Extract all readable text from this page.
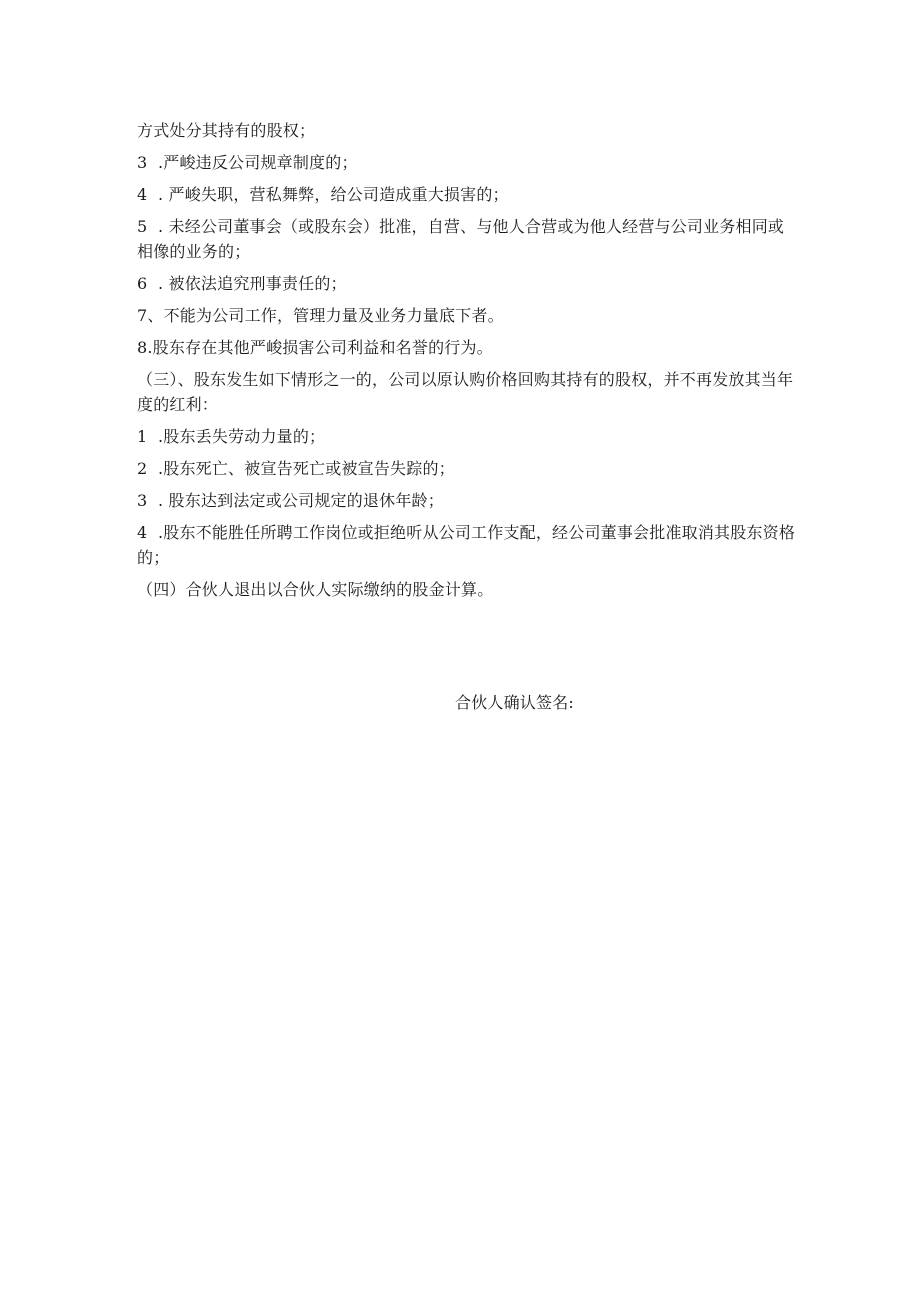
方式处分其持有的股权；

3  .严峻违反公司规章制度的；

4  . 严峻失职，营私舞弊，给公司造成重大损害的；

5  . 未经公司董事会（或股东会）批准，自营、与他人合营或为他人经营与公司业务相同或相像的业务的；

6  . 被依法追究刑事责任的；

7、不能为公司工作，管理力量及业务力量底下者。

8.股东存在其他严峻损害公司利益和名誉的行为。

（三）、股东发生如下情形之一的，公司以原认购价格回购其持有的股权，并不再发放其当年度的红利：

1  .股东丢失劳动力量的；

2  .股东死亡、被宣告死亡或被宣告失踪的；

3  . 股东达到法定或公司规定的退休年龄；

4  .股东不能胜任所聘工作岗位或拒绝听从公司工作支配，经公司董事会批准取消其股东资格的；

（四）合伙人退出以合伙人实际缴纳的股金计算。

合伙人确认签名:
